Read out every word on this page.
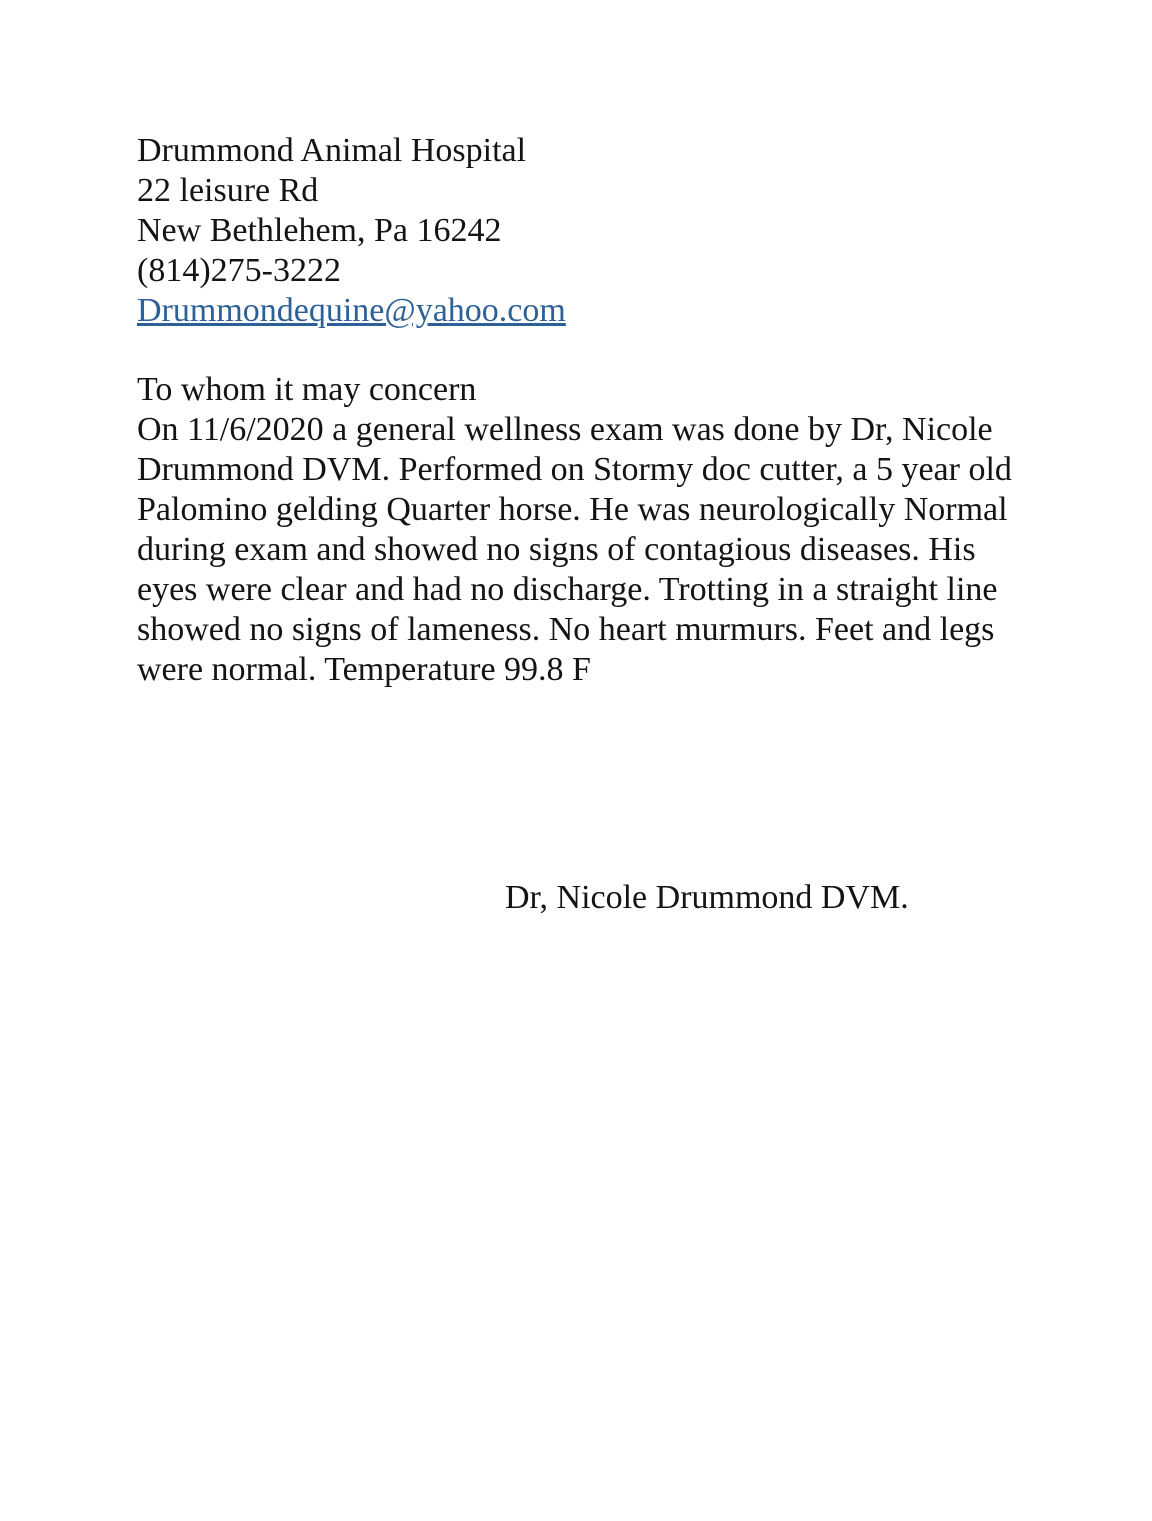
Drummond Animal Hospital
22 leisure Rd
New Bethlehem, Pa 16242
(814)275-3222
Drummondequine@yahoo.com
To whom it may concern
On 11/6/2020 a general wellness exam was done by Dr, Nicole
Drummond DVM. Performed on Stormy doc cutter, a 5 year old
Palomino gelding Quarter horse. He was neurologically Normal
during exam and showed no signs of contagious diseases. His
eyes were clear and had no discharge. Trotting in a straight line
showed no signs of lameness. No heart murmurs. Feet and legs
were normal. Temperature 99.8 F
Dr, Nicole Drummond DVM.
